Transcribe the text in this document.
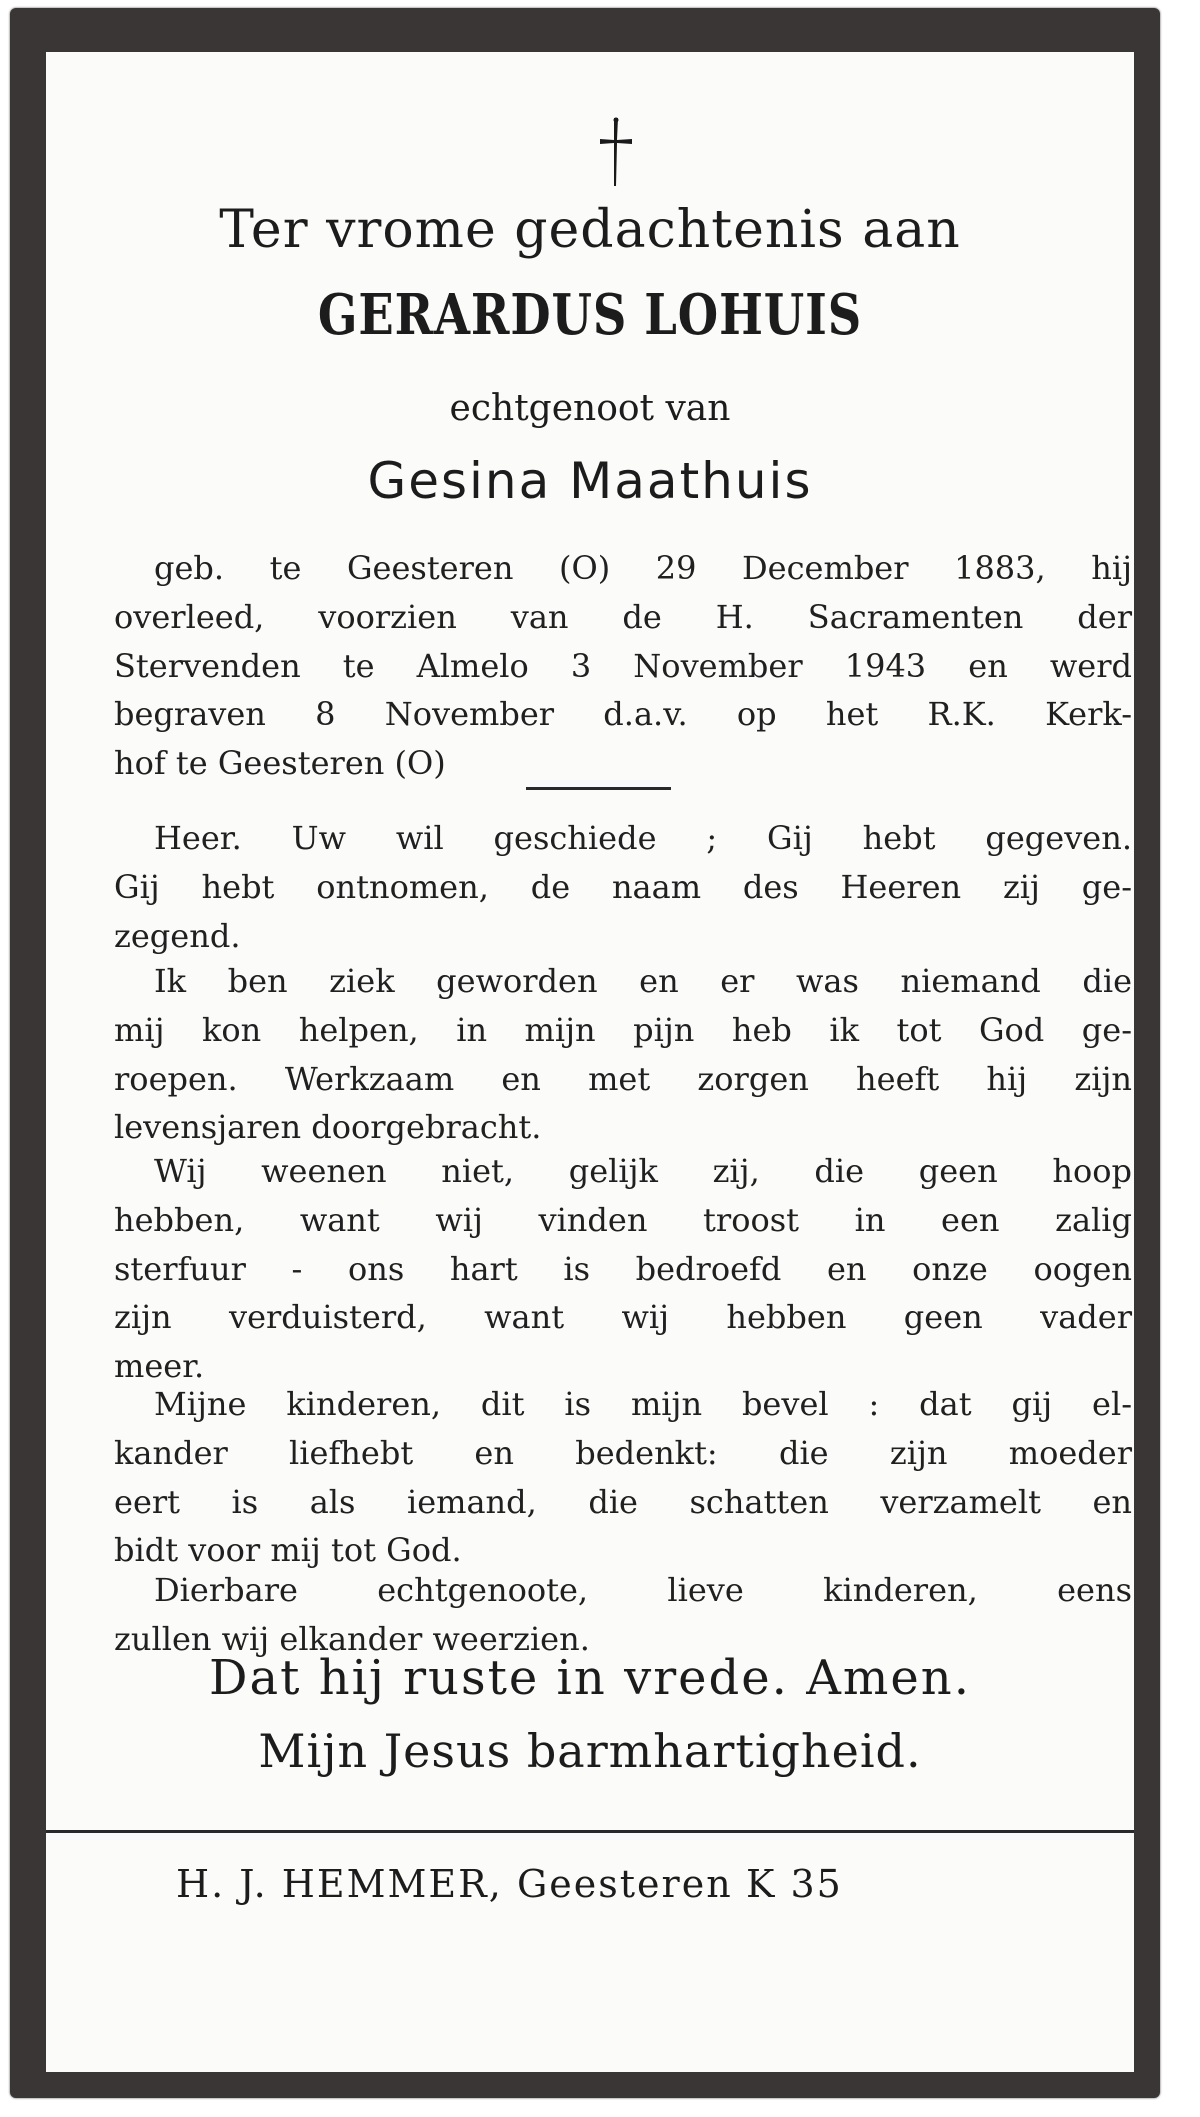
Ter vrome gedachtenis aan
GERARDUS LOHUIS
echtgenoot van
Gesina Maathuis
geb. te Geesteren (O) 29 December 1883, hij
overleed, voorzien van de H. Sacramenten der
Stervenden te Almelo 3 November 1943 en werd
begraven 8 November d.a.v. op het R.K. Kerk-
hof te Geesteren (O)
Heer. Uw wil geschiede ; Gij hebt gegeven.
Gij hebt ontnomen, de naam des Heeren zij ge-
zegend.
Ik ben ziek geworden en er was niemand die
mij kon helpen, in mijn pijn heb ik tot God ge-
roepen. Werkzaam en met zorgen heeft hij zijn
levensjaren doorgebracht.
Wij weenen niet, gelijk zij, die geen hoop
hebben, want wij vinden troost in een zalig
sterfuur - ons hart is bedroefd en onze oogen
zijn verduisterd, want wij hebben geen vader
meer.
Mijne kinderen, dit is mijn bevel : dat gij el-
kander liefhebt en bedenkt: die zijn moeder
eert is als iemand, die schatten verzamelt en
bidt voor mij tot God.
Dierbare echtgenoote, lieve kinderen, eens
zullen wij elkander weerzien.
Dat hij ruste in vrede. Amen.
Mijn Jesus barmhartigheid.
H. J. HEMMER, Geesteren K 35
